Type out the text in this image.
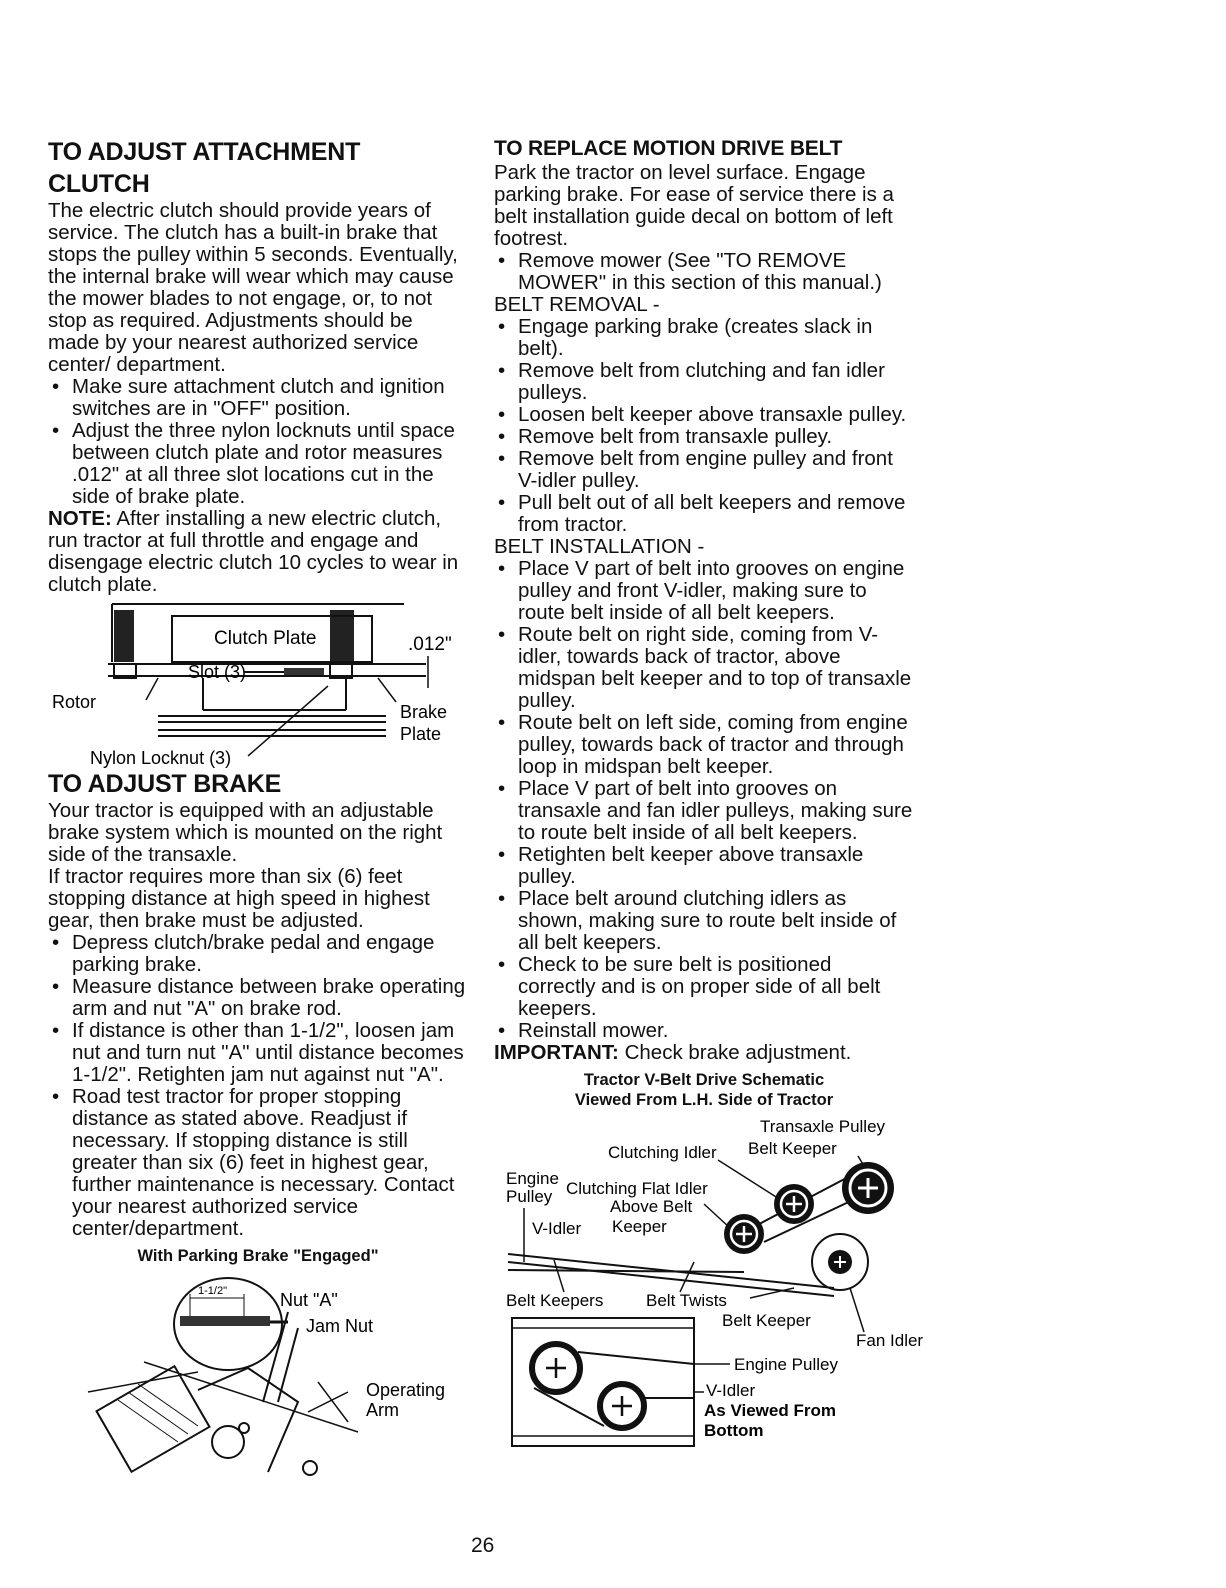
TO ADJUST ATTACHMENT CLUTCH

The electric clutch should provide years of service. The clutch has a built-in brake that stops the pulley within 5 seconds. Eventually, the internal brake will wear which may cause the mower blades to not engage, or, to not stop as required. Adjustments should be made by your nearest authorized service center/ department.

• Make sure attachment clutch and ignition switches are in "OFF" position.
• Adjust the three nylon locknuts until space between clutch plate and rotor measures .012" at all three slot locations cut in the side of brake plate.

NOTE: After installing a new electric clutch, run tractor at full throttle and engage and disengage electric clutch 10 cycles to wear in clutch plate.

Clutch Plate	.012"
Slot (3)
Rotor	Brake
Plate
Nylon Locknut (3)
TO ADJUST BRAKE

Your tractor is equipped with an adjustable brake system which is mounted on the right side of the transaxle.

If tractor requires more than six (6) feet stopping distance at high speed in highest gear, then brake must be adjusted.

• Depress clutch/brake pedal and engage parking brake.
• Measure distance between brake operating arm and nut "A" on brake rod.
• If distance is other than 1-1/2", loosen jam nut and turn nut "A" until distance becomes 1-1/2". Retighten jam nut against nut "A".
• Road test tractor for proper stopping distance as stated above. Readjust if necessary. If stopping distance is still greater than six (6) feet in highest gear, further maintenance is necessary. Contact your nearest authorized service center/department.
With Parking Brake "Engaged"
1-1/2"	Nut "A"
Jam Nut
Operating
Arm
TO REPLACE MOTION DRIVE BELT

Park the tractor on level surface. Engage parking brake. For ease of service there is a belt installation guide decal on bottom of left footrest.

• Remove mower (See "TO REMOVE MOWER" in this section of this manual.)

BELT REMOVAL -

• Engage parking brake (creates slack in belt).
• Remove belt from clutching and fan idler pulleys.
• Loosen belt keeper above transaxle pulley.
• Remove belt from transaxle pulley.
• Remove belt from engine pulley and front V-idler pulley.
• Pull belt out of all belt keepers and remove from tractor.

BELT INSTALLATION -

• Place V part of belt into grooves on engine pulley and front V-idler, making sure to route belt inside of all belt keepers.
• Route belt on right side, coming from V-idler, towards back of tractor, above midspan belt keeper and to top of transaxle pulley.
• Route belt on left side, coming from engine pulley, towards back of tractor and through loop in midspan belt keeper.
• Place V part of belt into grooves on transaxle and fan idler pulleys, making sure to route belt inside of all belt keepers.
• Retighten belt keeper above transaxle pulley.
• Place belt around clutching idlers as shown, making sure to route belt inside of all belt keepers.
• Check to be sure belt is positioned correctly and is on proper side of all belt keepers.
• Reinstall mower.

IMPORTANT: Check brake adjustment.

Tractor V-Belt Drive Schematic
Viewed From L.H. Side of Tractor
Transaxle Pulley
Clutching Idler Belt Keeper
Engine
Pulley Clutching Flat Idler
Above Belt
Keeper
V-Idler
Belt Keepers	Belt Twists
Belt Keeper
Fan Idler
Engine Pulley
V-Idler
As Viewed From
Bottom
26
